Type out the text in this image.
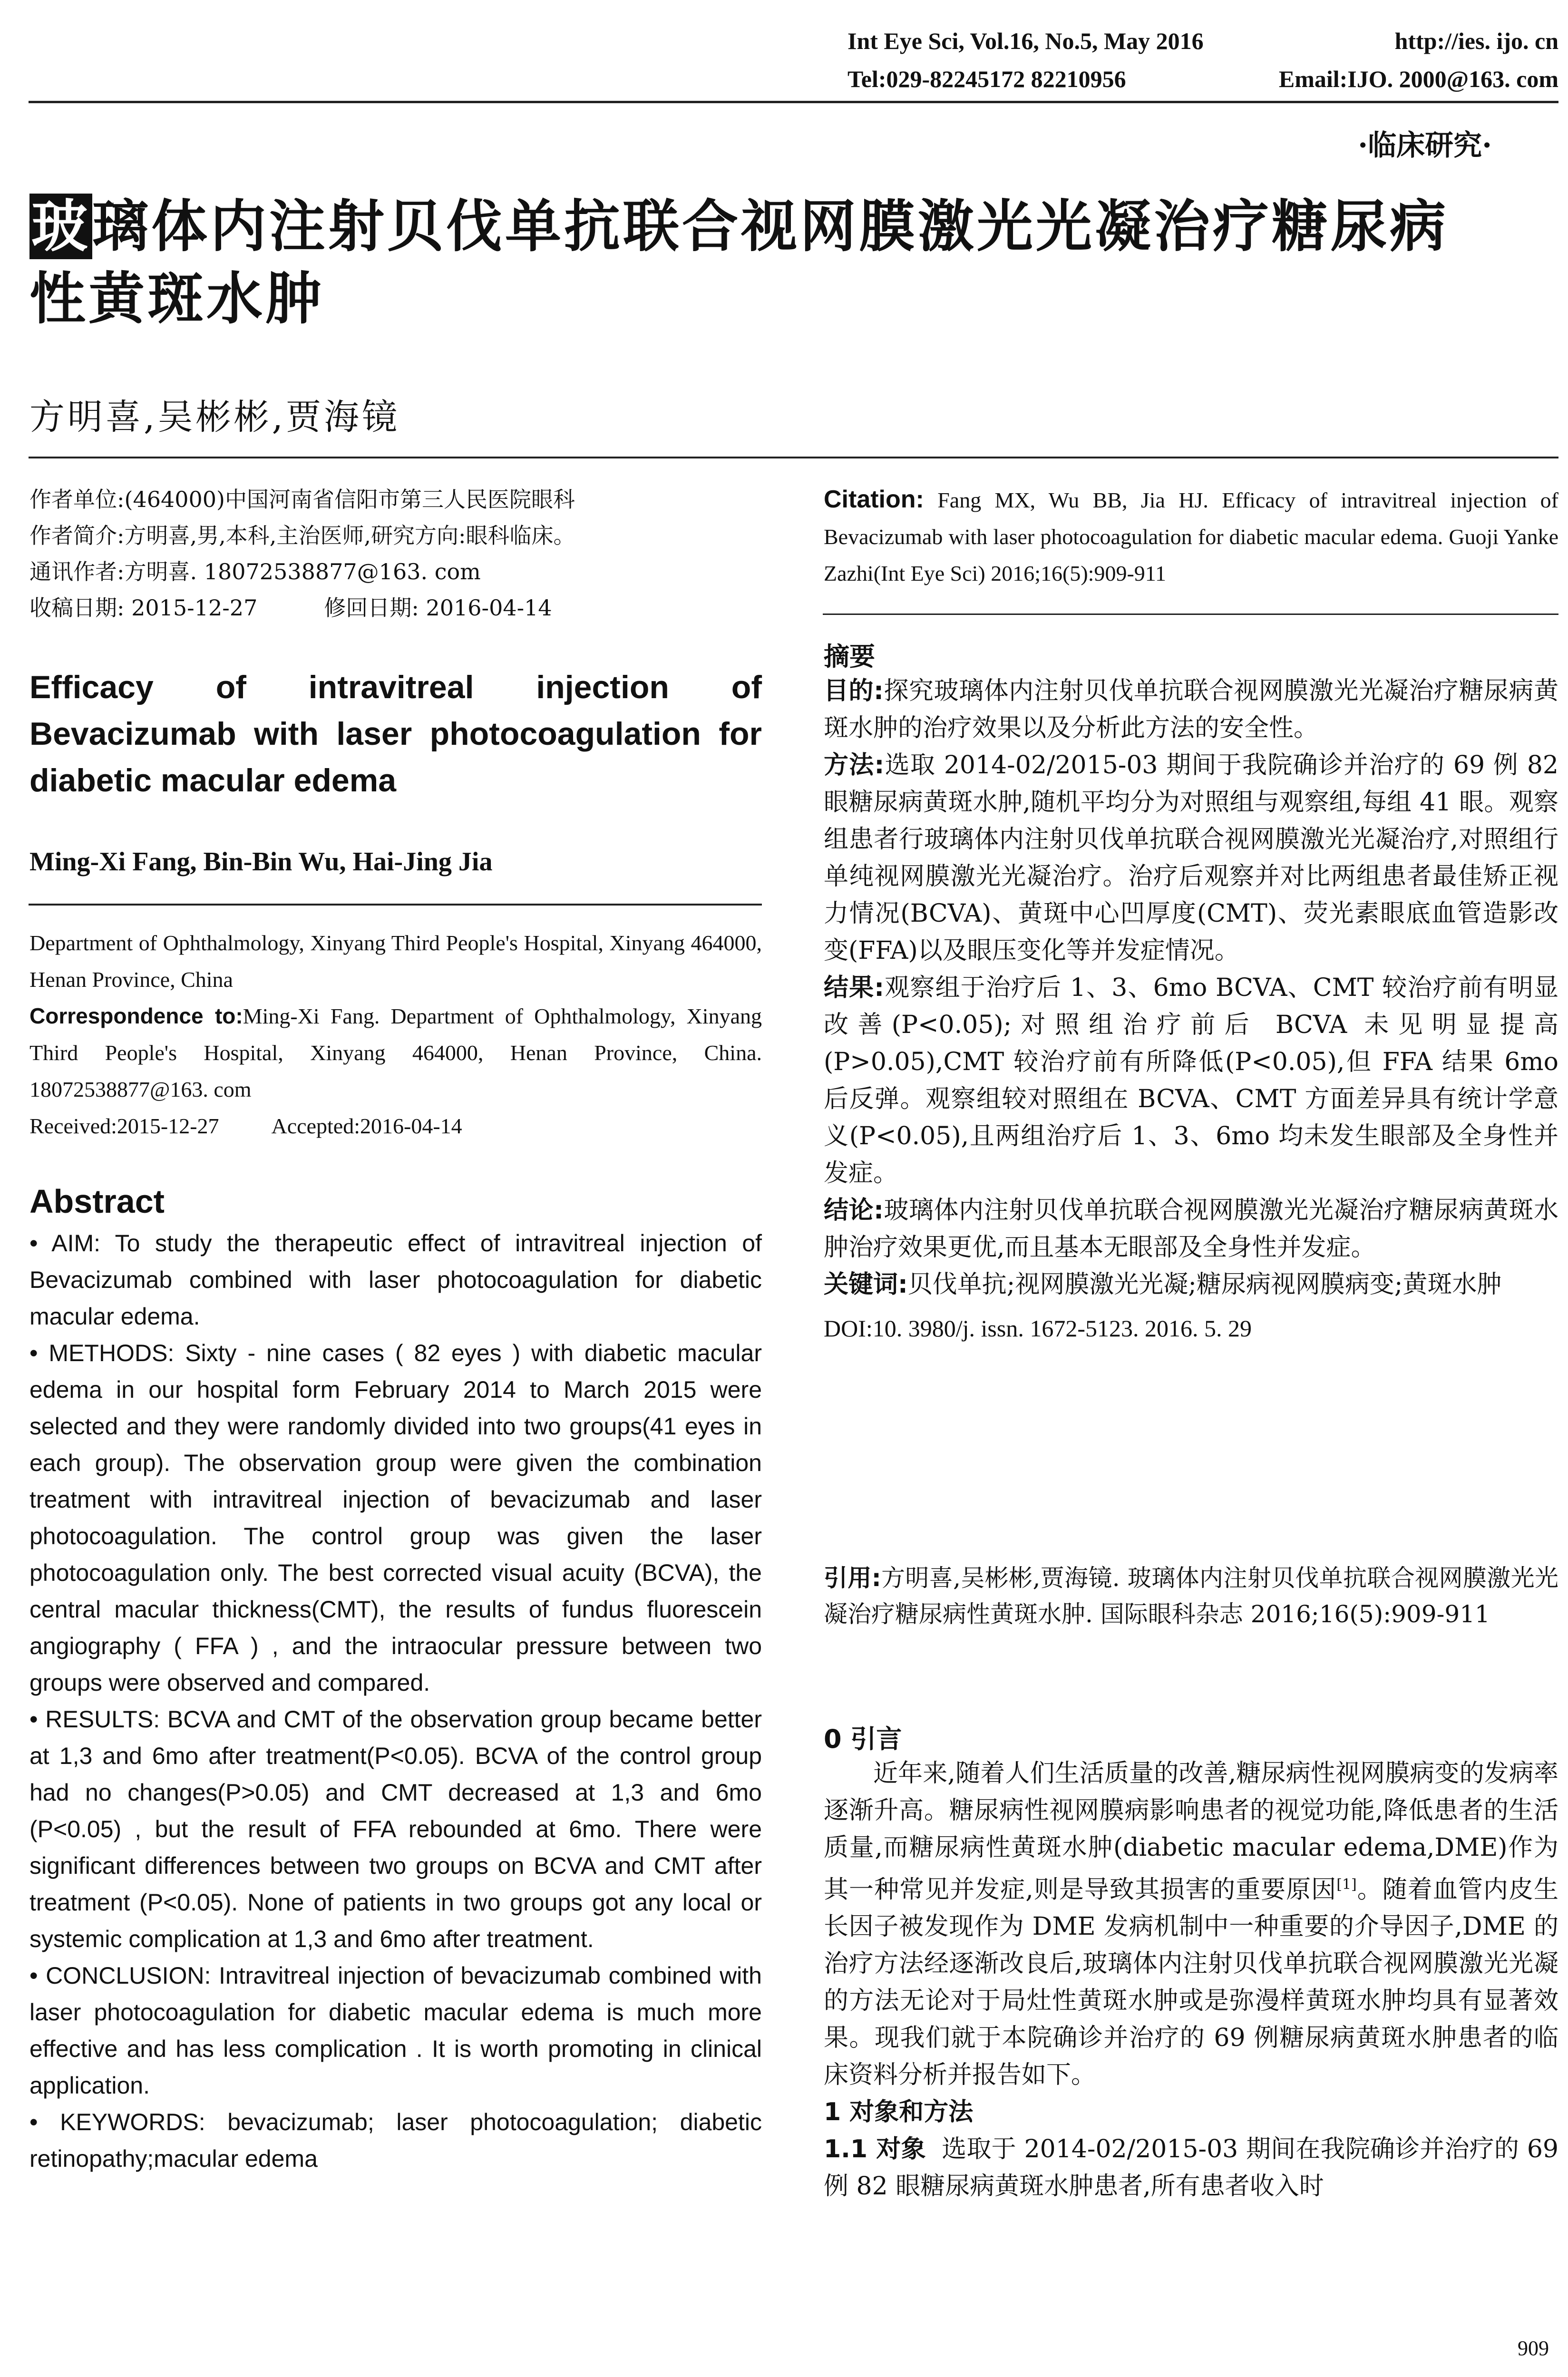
Int Eye Sci, Vol.16, No.5, May 2016	http://ies. ijo. cn
Tel:029-82245172 82210956	Email:IJO. 2000@163. com
·临床研究·
玻璃体内注射贝伐单抗联合视网膜激光光凝治疗糖尿病
性黄斑水肿
方明喜,吴彬彬,贾海镜
作者单位:(464000)中国河南省信阳市第三人民医院眼科
作者简介:方明喜,男,本科,主治医师,研究方向:眼科临床。
通讯作者:方明喜. 18072538877@163. com
收稿日期: 2015-12-27	修回日期: 2016-04-14
Efficacy of intravitreal injection of Bevacizumab with laser photocoagulation for diabetic macular edema
Ming-Xi Fang, Bin-Bin Wu, Hai-Jing Jia
Department of Ophthalmology, Xinyang Third People's Hospital, Xinyang 464000, Henan Province, China
Correspondence to:Ming-Xi Fang. Department of Ophthalmology, Xinyang Third People's Hospital, Xinyang 464000, Henan Province, China. 18072538877@163. com
Received:2015-12-27 Accepted:2016-04-14
Abstract

• AIM: To study the therapeutic effect of intravitreal injection of Bevacizumab combined with laser photocoagulation for diabetic macular edema.

• METHODS: Sixty - nine cases ( 82 eyes ) with diabetic macular edema in our hospital form February 2014 to March 2015 were selected and they were randomly divided into two groups(41 eyes in each group). The observation group were given the combination treatment with intravitreal injection of bevacizumab and laser photocoagulation. The control group was given the laser photocoagulation only. The best corrected visual acuity (BCVA), the central macular thickness(CMT), the results of fundus fluorescein angiography ( FFA ) , and the intraocular pressure between two groups were observed and compared.

• RESULTS: BCVA and CMT of the observation group became better at 1,3 and 6mo after treatment(P<0.05). BCVA of the control group had no changes(P>0.05) and CMT decreased at 1,3 and 6mo (P<0.05) , but the result of FFA rebounded at 6mo. There were significant differences between two groups on BCVA and CMT after treatment (P<0.05). None of patients in two groups got any local or systemic complication at 1,3 and 6mo after treatment.

• CONCLUSION: Intravitreal injection of bevacizumab combined with laser photocoagulation for diabetic macular edema is much more effective and has less complication . It is worth promoting in clinical application.

• KEYWORDS: bevacizumab; laser photocoagulation; diabetic retinopathy;macular edema

Citation: Fang MX, Wu BB, Jia HJ. Efficacy of intravitreal injection of Bevacizumab with laser photocoagulation for diabetic macular edema. Guoji Yanke Zazhi(Int Eye Sci) 2016;16(5):909-911
摘要

目的:探究玻璃体内注射贝伐单抗联合视网膜激光光凝治疗糖尿病黄斑水肿的治疗效果以及分析此方法的安全性。

方法:选取 2014-02/2015-03 期间于我院确诊并治疗的 69 例 82 眼糖尿病黄斑水肿,随机平均分为对照组与观察组,每组 41 眼。观察组患者行玻璃体内注射贝伐单抗联合视网膜激光光凝治疗,对照组行单纯视网膜激光光凝治疗。治疗后观察并对比两组患者最佳矫正视力情况(BCVA)、黄斑中心凹厚度(CMT)、荧光素眼底血管造影改变(FFA)以及眼压变化等并发症情况。

结果:观察组于治疗后 1、3、6mo BCVA、CMT 较治疗前有明显改善(P<0.05);对照组治疗前后 BCVA 未见明显提高(P>0.05),CMT 较治疗前有所降低(P<0.05),但 FFA 结果 6mo 后反弹。观察组较对照组在 BCVA、CMT 方面差异具有统计学意义(P<0.05),且两组治疗后 1、3、6mo 均未发生眼部及全身性并发症。

结论:玻璃体内注射贝伐单抗联合视网膜激光光凝治疗糖尿病黄斑水肿治疗效果更优,而且基本无眼部及全身性并发症。

关键词:贝伐单抗;视网膜激光光凝;糖尿病视网膜病变;黄斑水肿

DOI:10. 3980/j. issn. 1672-5123. 2016. 5. 29

引用:方明喜,吴彬彬,贾海镜. 玻璃体内注射贝伐单抗联合视网膜激光光凝治疗糖尿病性黄斑水肿. 国际眼科杂志 2016;16(5):909-911
0 引言

近年来,随着人们生活质量的改善,糖尿病性视网膜病变的发病率逐渐升高。糖尿病性视网膜病影响患者的视觉功能,降低患者的生活质量,而糖尿病性黄斑水肿(diabetic macular edema,DME)作为其一种常见并发症,则是导致其损害的重要原因[1]。随着血管内皮生长因子被发现作为 DME 发病机制中一种重要的介导因子,DME 的治疗方法经逐渐改良后,玻璃体内注射贝伐单抗联合视网膜激光光凝的方法无论对于局灶性黄斑水肿或是弥漫样黄斑水肿均具有显著效果。现我们就于本院确诊并治疗的 69 例糖尿病黄斑水肿患者的临床资料分析并报告如下。

1 对象和方法

1.1 对象 选取于 2014-02/2015-03 期间在我院确诊并治疗的 69 例 82 眼糖尿病黄斑水肿患者,所有患者收入时

909
